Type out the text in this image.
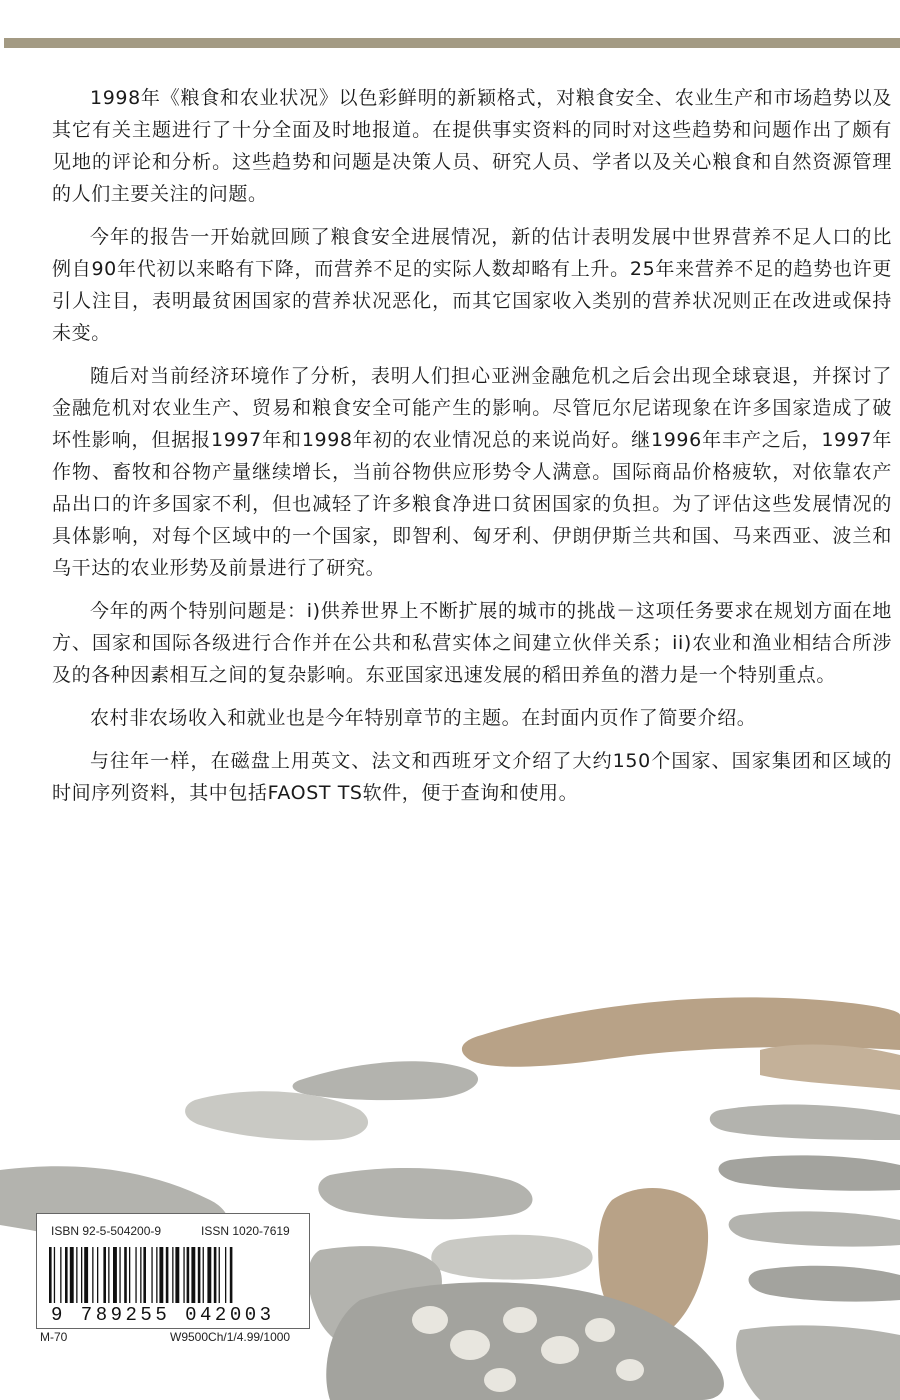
1998年《粮食和农业状况》以色彩鲜明的新颖格式，对粮食安全、农业生产和市场趋势以及其它有关主题进行了十分全面及时地报道。在提供事实资料的同时对这些趋势和问题作出了颇有见地的评论和分析。这些趋势和问题是决策人员、研究人员、学者以及关心粮食和自然资源管理的人们主要关注的问题。

今年的报告一开始就回顾了粮食安全进展情况，新的估计表明发展中世界营养不足人口的比例自90年代初以来略有下降，而营养不足的实际人数却略有上升。25年来营养不足的趋势也许更引人注目，表明最贫困国家的营养状况恶化，而其它国家收入类别的营养状况则正在改进或保持未变。

随后对当前经济环境作了分析，表明人们担心亚洲金融危机之后会出现全球衰退，并探讨了金融危机对农业生产、贸易和粮食安全可能产生的影响。尽管厄尔尼诺现象在许多国家造成了破坏性影响，但据报1997年和1998年初的农业情况总的来说尚好。继1996年丰产之后，1997年作物、畜牧和谷物产量继续增长，当前谷物供应形势令人满意。国际商品价格疲软，对依靠农产品出口的许多国家不利，但也减轻了许多粮食净进口贫困国家的负担。为了评估这些发展情况的具体影响，对每个区域中的一个国家，即智利、匈牙利、伊朗伊斯兰共和国、马来西亚、波兰和乌干达的农业形势及前景进行了研究。

今年的两个特别问题是：i)供养世界上不断扩展的城市的挑战－这项任务要求在规划方面在地方、国家和国际各级进行合作并在公共和私营实体之间建立伙伴关系；ii)农业和渔业相结合所涉及的各种因素相互之间的复杂影响。东亚国家迅速发展的稻田养鱼的潜力是一个特别重点。

农村非农场收入和就业也是今年特别章节的主题。在封面内页作了简要介绍。

与往年一样，在磁盘上用英文、法文和西班牙文介绍了大约150个国家、国家集团和区域的时间序列资料，其中包括FAOST TS软件，便于查询和使用。

ISBN 92-5-504200-9	ISSN 1020-7619
9 789255 042003
M-70	W9500Ch/1/4.99/1000
